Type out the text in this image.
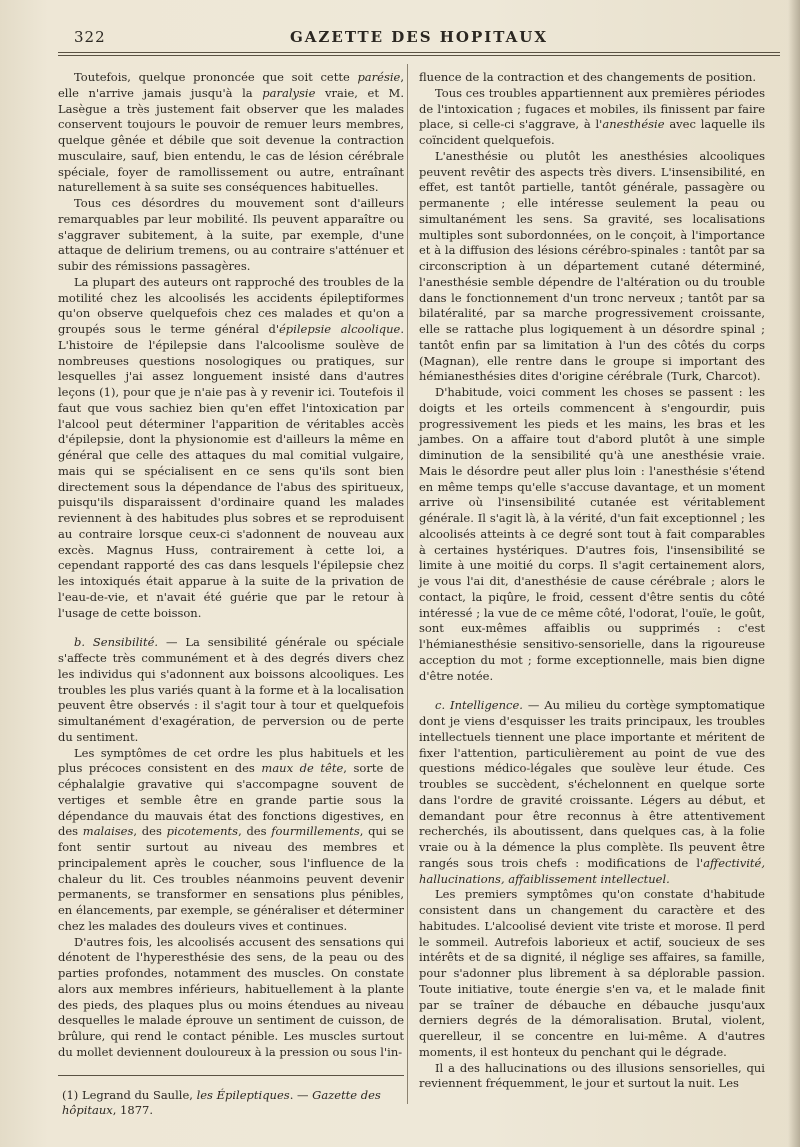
322	GAZETTE DES HOPITAUX

Toutefois, quelque prononcée que soit cette parésie, elle n'arrive jamais jusqu'à la paralysie vraie, et M. Lasègue a très justement fait observer que les malades conservent toujours le pouvoir de remuer leurs membres, quelque gênée et débile que soit devenue la contraction musculaire, sauf, bien entendu, le cas de lésion cérébrale spéciale, foyer de ramollissement ou autre, entraînant naturellement à sa suite ses conséquences habituelles.

Tous ces désordres du mouvement sont d'ailleurs remarquables par leur mobilité. Ils peuvent apparaître ou s'aggraver subitement, à la suite, par exemple, d'une attaque de delirium tremens, ou au contraire s'atténuer et subir des rémissions passagères.

La plupart des auteurs ont rapproché des troubles de la motilité chez les alcoolisés les accidents épileptiformes qu'on observe quelquefois chez ces malades et qu'on a groupés sous le terme général d'épilepsie alcoolique. L'histoire de l'épilepsie dans l'alcoolisme soulève de nombreuses questions nosologiques ou pratiques, sur lesquelles j'ai assez longuement insisté dans d'autres leçons (1), pour que je n'aie pas à y revenir ici. Toutefois il faut que vous sachiez bien qu'en effet l'intoxication par l'alcool peut déterminer l'apparition de véritables accès d'épilepsie, dont la physionomie est d'ailleurs la même en général que celle des attaques du mal comitial vulgaire, mais qui se spécialisent en ce sens qu'ils sont bien directement sous la dépendance de l'abus des spiritueux, puisqu'ils disparaissent d'ordinaire quand les malades reviennent à des habitudes plus sobres et se reproduisent au contraire lorsque ceux-ci s'adonnent de nouveau aux excès. Magnus Huss, contrairement à cette loi, a cependant rapporté des cas dans lesquels l'épilepsie chez les intoxiqués était apparue à la suite de la privation de l'eau-de-vie, et n'avait été guérie que par le retour à l'usage de cette boisson.

b. Sensibilité. — La sensibilité générale ou spéciale s'affecte très communément et à des degrés divers chez les individus qui s'adonnent aux boissons alcooliques. Les troubles les plus variés quant à la forme et à la localisation peuvent être observés : il s'agit tour à tour et quelquefois simultanément d'exagération, de perversion ou de perte du sentiment.

Les symptômes de cet ordre les plus habituels et les plus précoces consistent en des maux de tête, sorte de céphalalgie gravative qui s'accompagne souvent de vertiges et semble être en grande partie sous la dépendance du mauvais état des fonctions digestives, en des malaises, des picotements, des fourmillements, qui se font sentir surtout au niveau des membres et principalement après le coucher, sous l'influence de la chaleur du lit. Ces troubles néanmoins peuvent devenir permanents, se transformer en sensations plus pénibles, en élancements, par exemple, se généraliser et déterminer chez les malades des douleurs vives et continues.

D'autres fois, les alcoolisés accusent des sensations qui dénotent de l'hyperesthésie des sens, de la peau ou des parties profondes, notamment des muscles. On constate alors aux membres inférieurs, habituellement à la plante des pieds, des plaques plus ou moins étendues au niveau desquelles le malade éprouve un sentiment de cuisson, de brûlure, qui rend le contact pénible. Les muscles surtout du mollet deviennent douloureux à la pression ou sous l'in-

fluence de la contraction et des changements de position.

Tous ces troubles appartiennent aux premières périodes de l'intoxication ; fugaces et mobiles, ils finissent par faire place, si celle-ci s'aggrave, à l'anesthésie avec laquelle ils coïncident quelquefois.

L'anesthésie ou plutôt les anesthésies alcooliques peuvent revêtir des aspects très divers. L'insensibilité, en effet, est tantôt partielle, tantôt générale, passagère ou permanente ; elle intéresse seulement la peau ou simultanément les sens. Sa gravité, ses localisations multiples sont subordonnées, on le conçoit, à l'importance et à la diffusion des lésions cérébro-spinales : tantôt par sa circonscription à un département cutané déterminé, l'anesthésie semble dépendre de l'altération ou du trouble dans le fonctionnement d'un tronc nerveux ; tantôt par sa bilatéralité, par sa marche progressivement croissante, elle se rattache plus logiquement à un désordre spinal ; tantôt enfin par sa limitation à l'un des côtés du corps (Magnan), elle rentre dans le groupe si important des hémianesthésies dites d'origine cérébrale (Turk, Charcot).

D'habitude, voici comment les choses se passent : les doigts et les orteils commencent à s'engourdir, puis progressivement les pieds et les mains, les bras et les jambes. On a affaire tout d'abord plutôt à une simple diminution de la sensibilité qu'à une anesthésie vraie. Mais le désordre peut aller plus loin : l'anesthésie s'étend en même temps qu'elle s'accuse davantage, et un moment arrive où l'insensibilité cutanée est véritablement générale. Il s'agit là, à la vérité, d'un fait exceptionnel ; les alcoolisés atteints à ce degré sont tout à fait comparables à certaines hystériques. D'autres fois, l'insensibilité se limite à une moitié du corps. Il s'agit certainement alors, je vous l'ai dit, d'anesthésie de cause cérébrale ; alors le contact, la piqûre, le froid, cessent d'être sentis du côté intéressé ; la vue de ce même côté, l'odorat, l'ouïe, le goût, sont eux-mêmes affaiblis ou supprimés : c'est l'hémianesthésie sensitivo-sensorielle, dans la rigoureuse acception du mot ; forme exceptionnelle, mais bien digne d'être notée.

c. Intelligence. — Au milieu du cortège symptomatique dont je viens d'esquisser les traits principaux, les troubles intellectuels tiennent une place importante et méritent de fixer l'attention, particulièrement au point de vue des questions médico-légales que soulève leur étude. Ces troubles se succèdent, s'échelonnent en quelque sorte dans l'ordre de gravité croissante. Légers au début, et demandant pour être reconnus à être attentivement recherchés, ils aboutissent, dans quelques cas, à la folie vraie ou à la démence la plus complète. Ils peuvent être rangés sous trois chefs : modifications de l'affectivité, hallucinations, affaiblissement intellectuel.

Les premiers symptômes qu'on constate d'habitude consistent dans un changement du caractère et des habitudes. L'alcoolisé devient vite triste et morose. Il perd le sommeil. Autrefois laborieux et actif, soucieux de ses intérêts et de sa dignité, il néglige ses affaires, sa famille, pour s'adonner plus librement à sa déplorable passion. Toute initiative, toute énergie s'en va, et le malade finit par se traîner de débauche en débauche jusqu'aux derniers degrés de la démoralisation. Brutal, violent, querelleur, il se concentre en lui-même. A d'autres moments, il est honteux du penchant qui le dégrade.

Il a des hallucinations ou des illusions sensorielles, qui reviennent fréquemment, le jour et surtout la nuit. Les

(1) Legrand du Saulle, les Épileptiques. — Gazette des hôpitaux, 1877.
